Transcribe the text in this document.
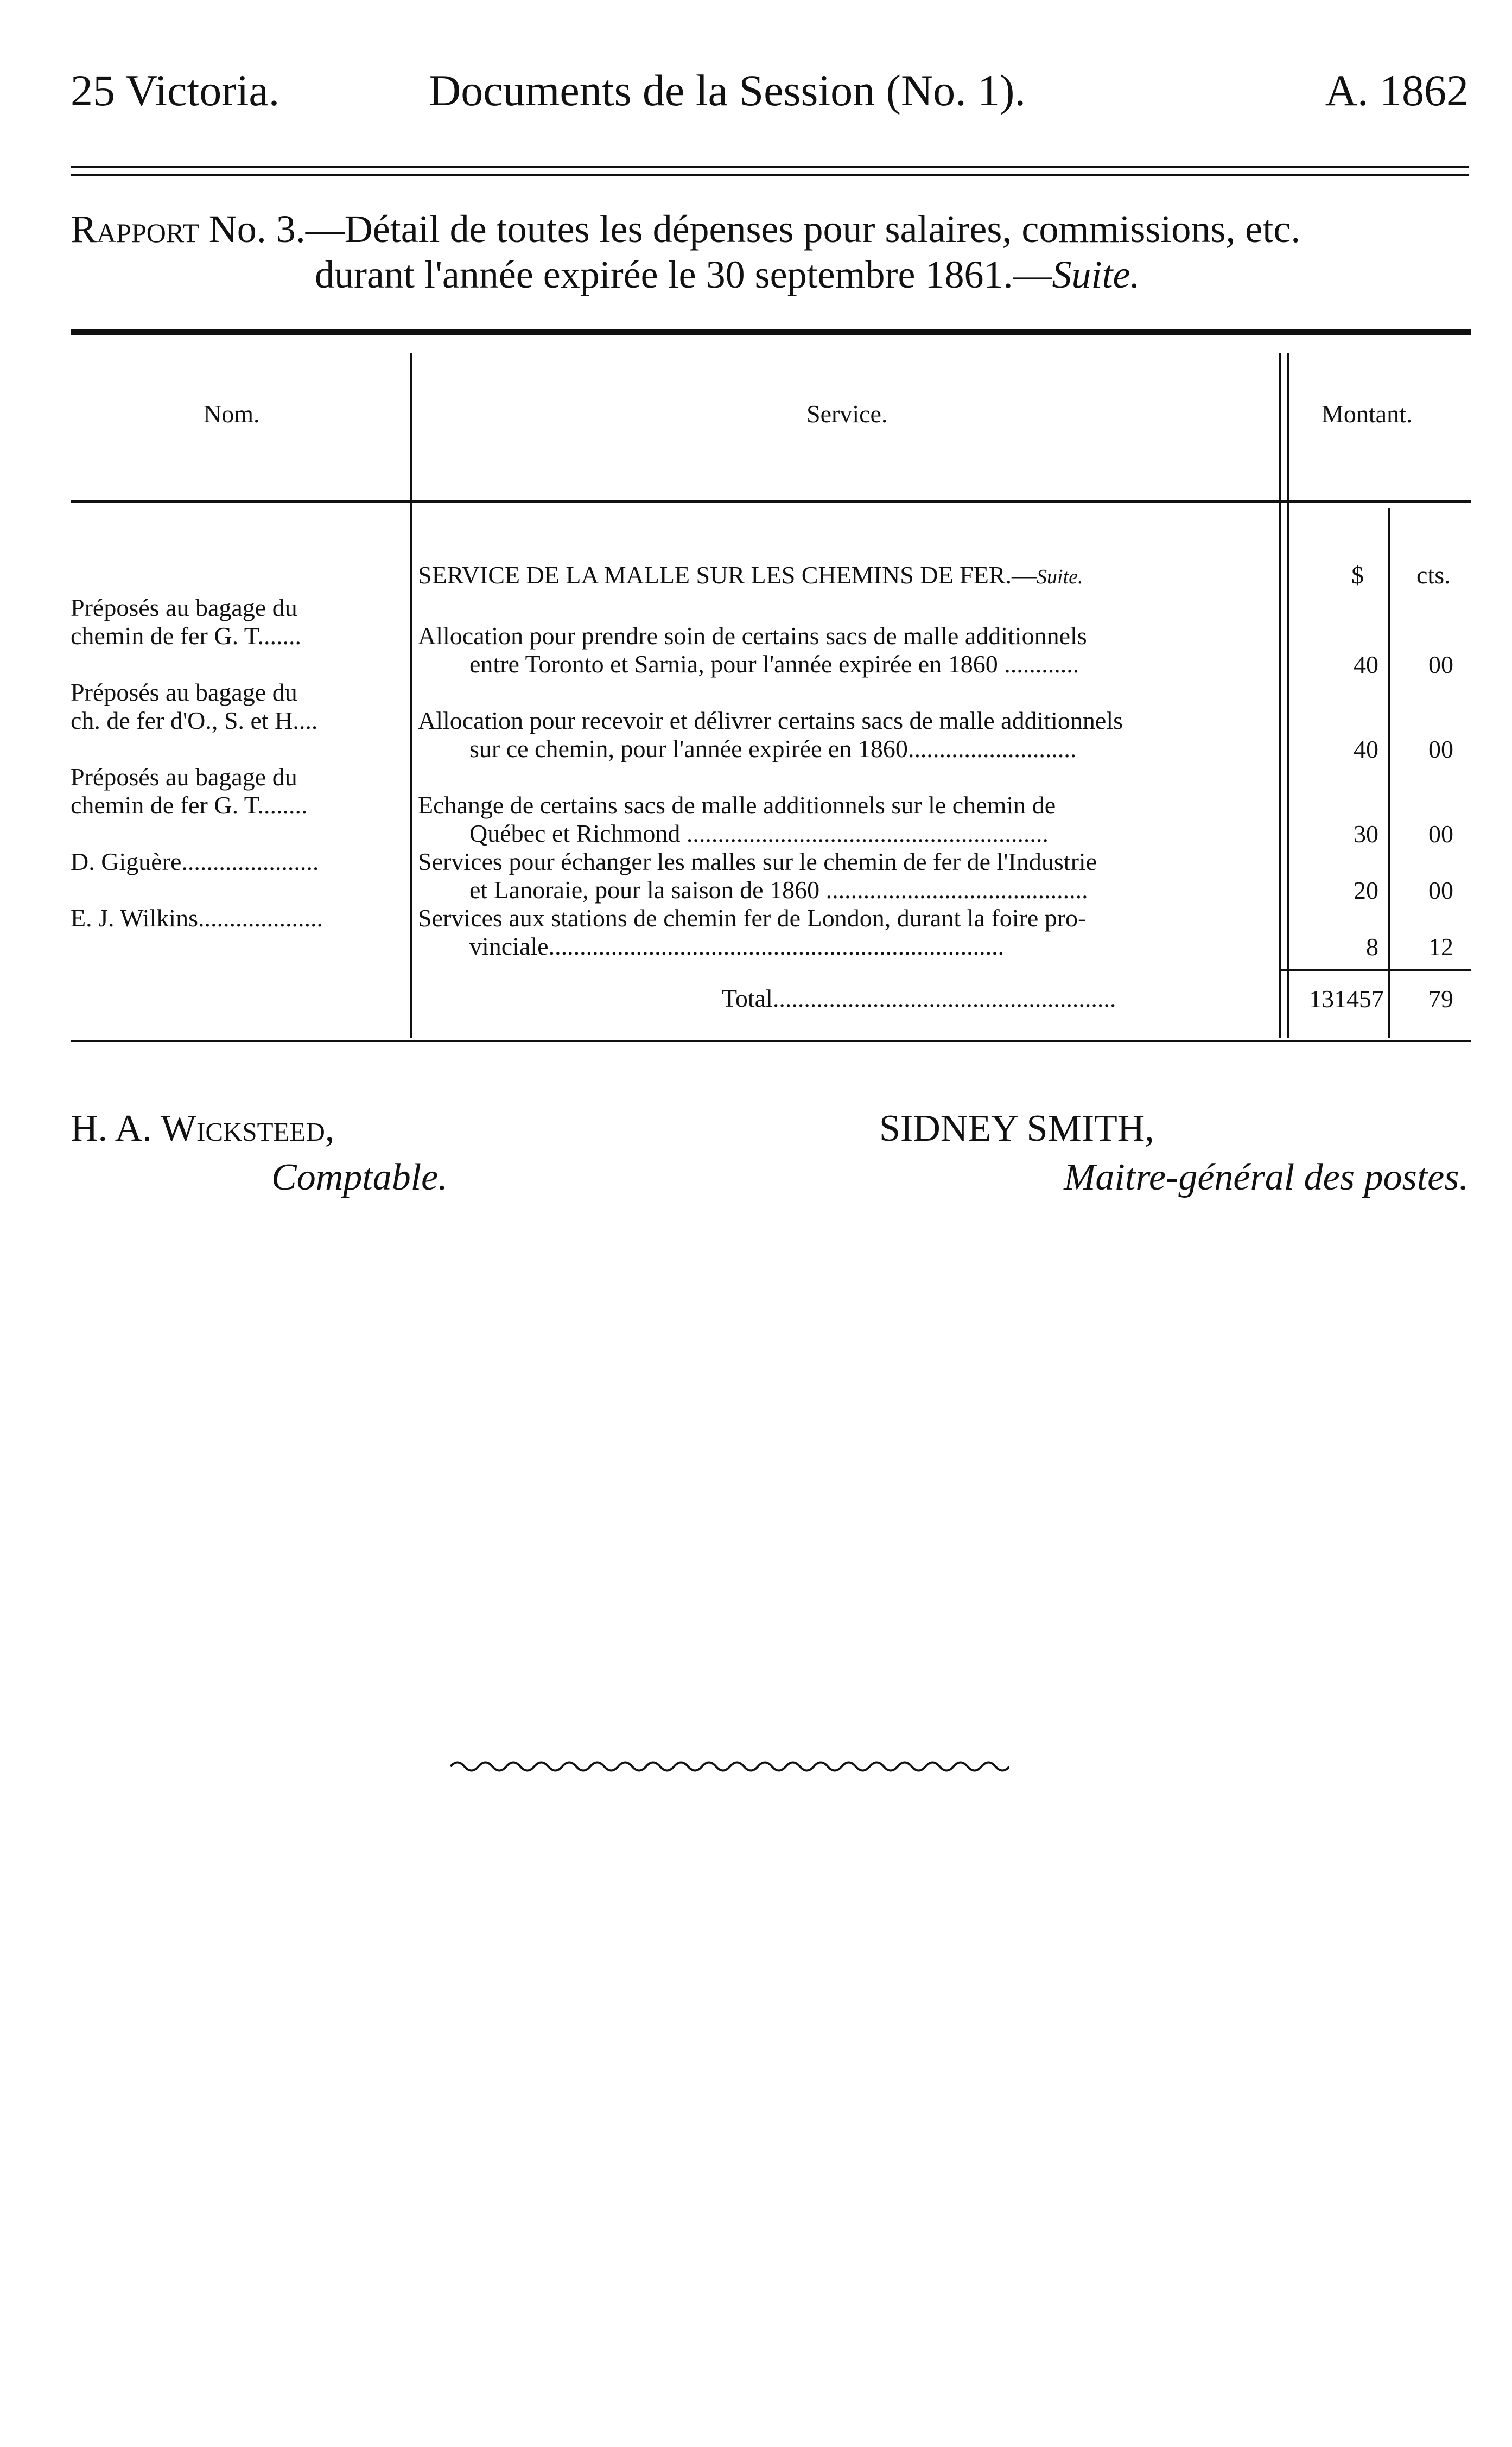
25 Victoria.	Documents de la Session (No. 1).	A. 1862
Rapport No. 3.—Détail de toutes les dépenses pour salaires, commissions, etc.
durant l'année expirée le 30 septembre 1861.—Suite.
Nom.	Service.	Montant.
SERVICE DE LA MALLE SUR LES CHEMINS DE FER.—Suite.	$ cts.
Préposés au bagage du
chemin de fer G. T.......	Allocation pour prendre soin de certains sacs de malle additionnels
entre Toronto et Sarnia, pour l'année expirée en 1860 ............	40	00
Préposés au bagage du
ch. de fer d'O., S. et H....	Allocation pour recevoir et délivrer certains sacs de malle additionnels
sur ce chemin, pour l'année expirée en 1860...........................	40	00
Préposés au bagage du
chemin de fer G. T........	Echange de certains sacs de malle additionnels sur le chemin de
Québec et Richmond ..........................................................	30	00
D. Giguère......................	Services pour échanger les malles sur le chemin de fer de l'Industrie
et Lanoraie, pour la saison de 1860 ..........................................	20	00
E. J. Wilkins....................	Services aux stations de chemin fer de London, durant la foire pro-
vinciale.........................................................................	8	12
Total.......................................................	131457	79
H. A. Wicksteed,
Comptable.
SIDNEY SMITH,
Maitre-général des postes.
